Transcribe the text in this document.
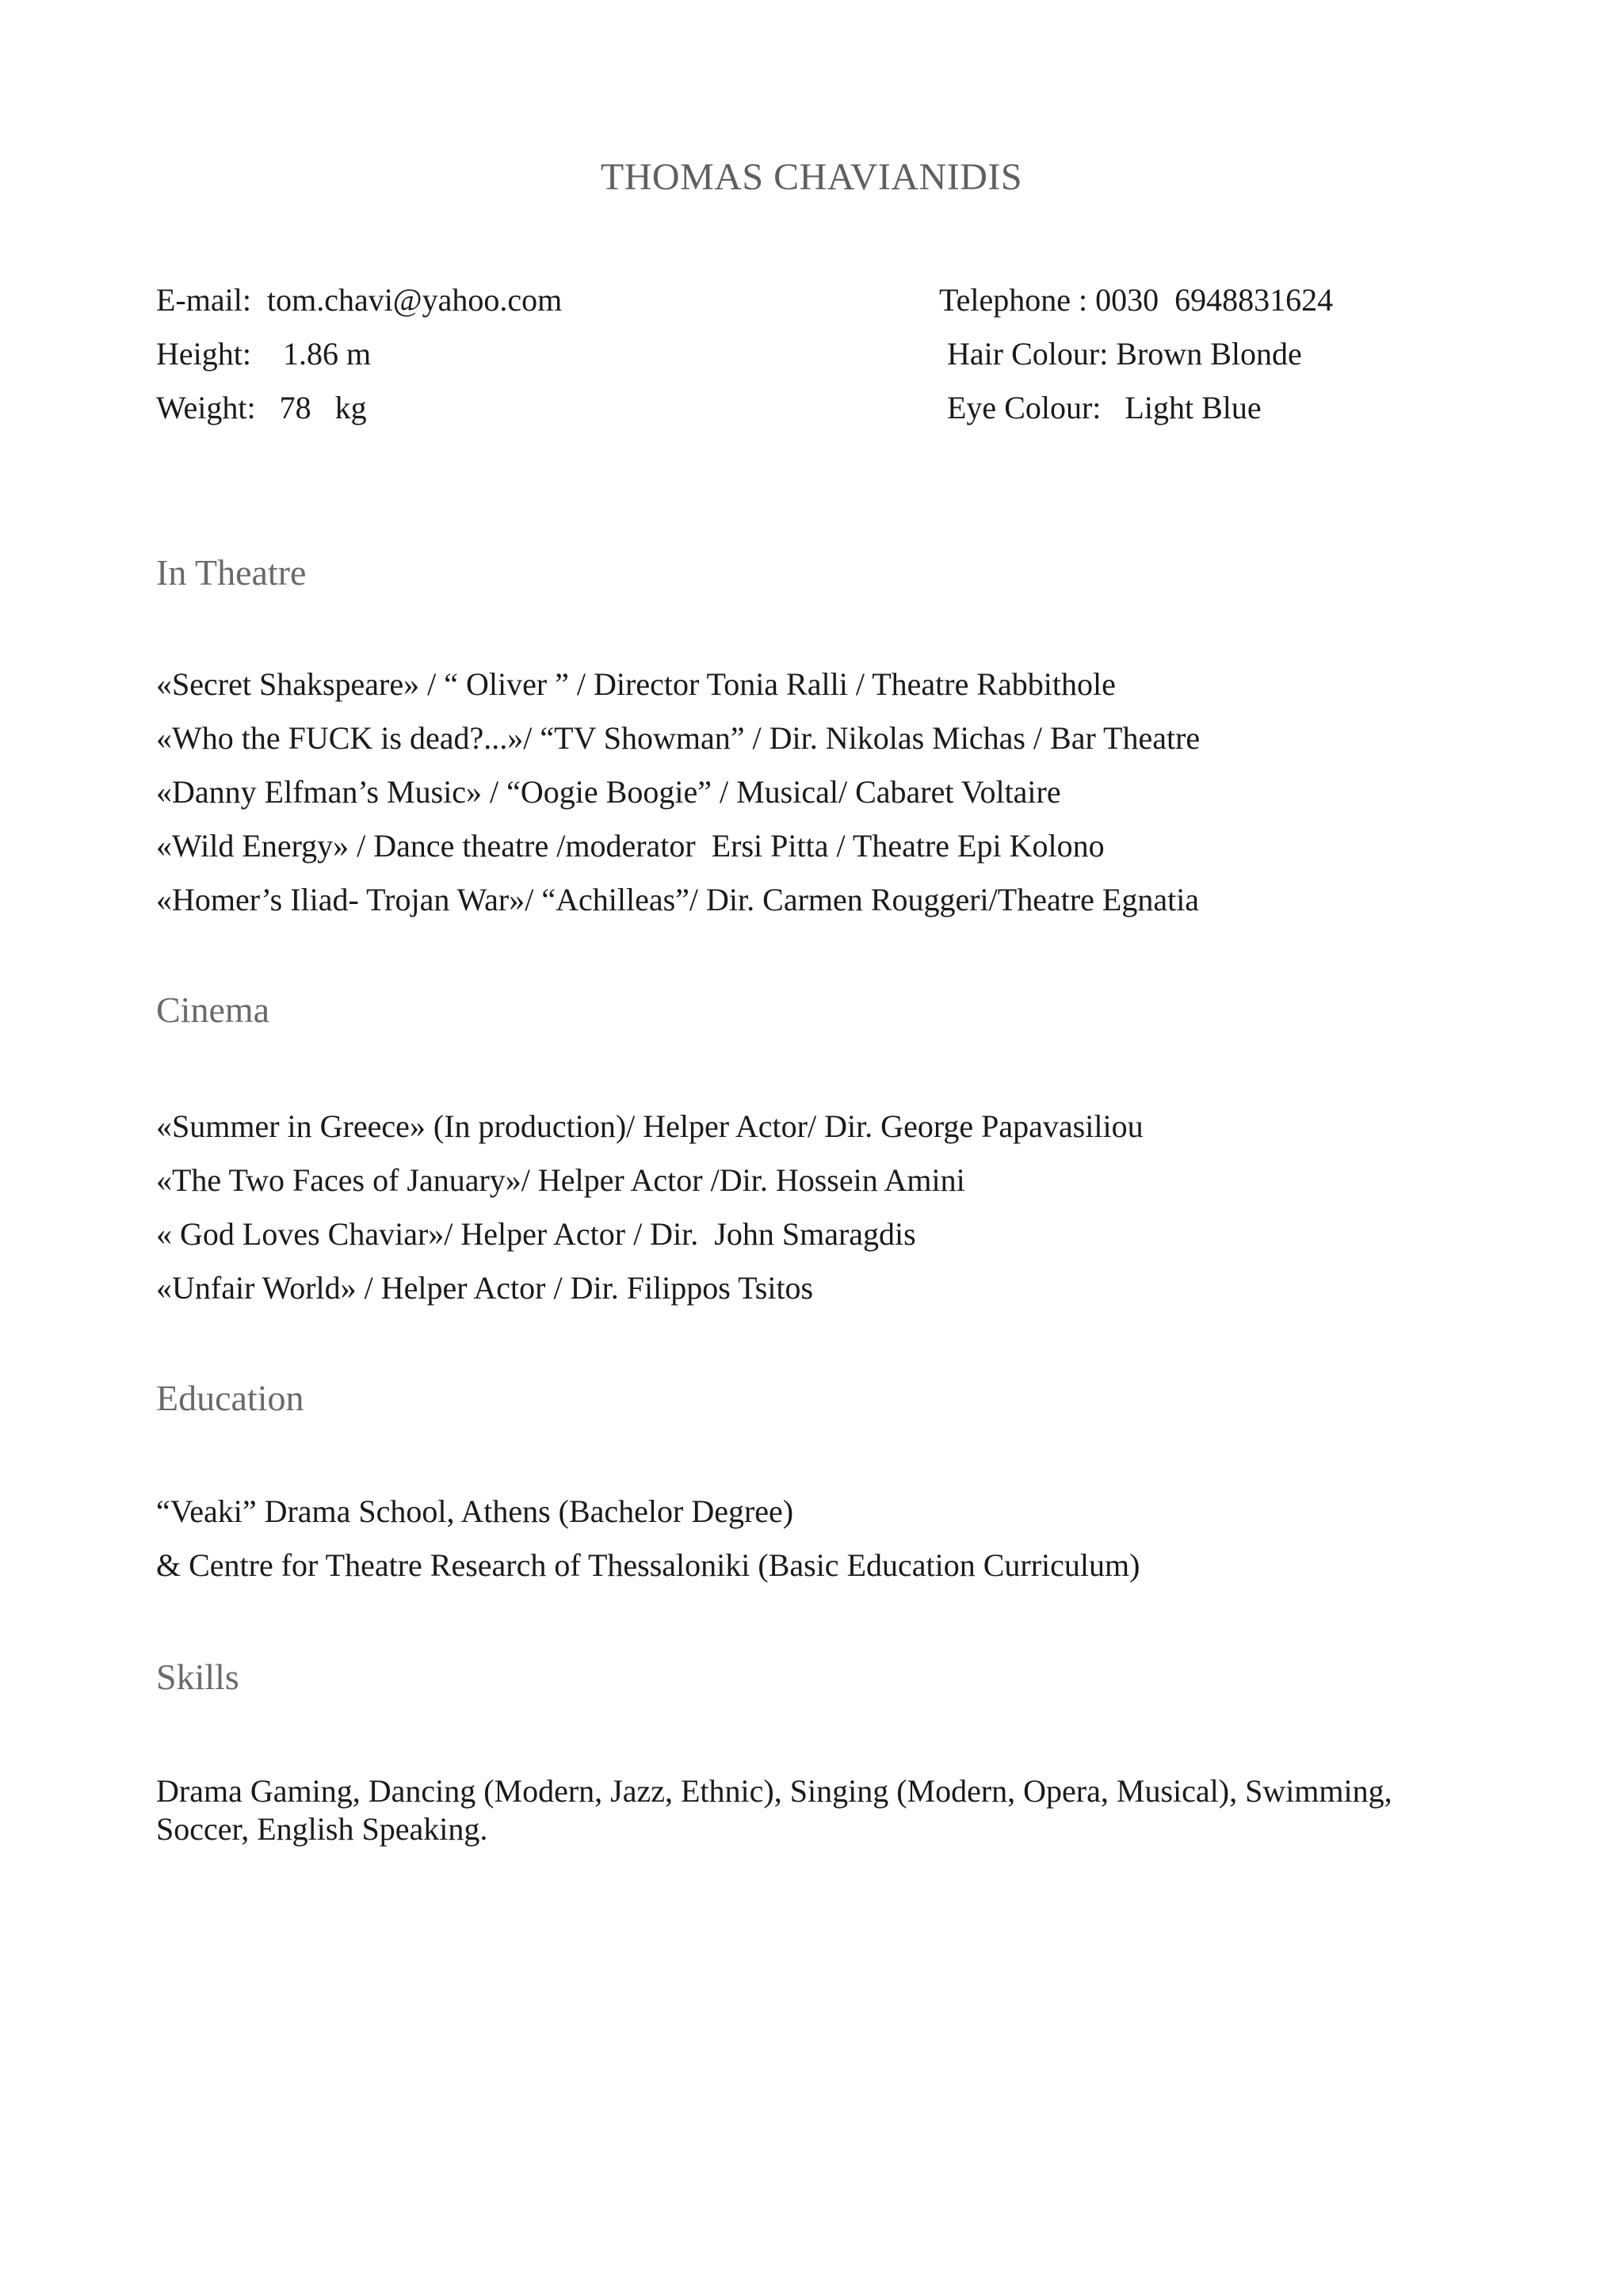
THOMAS CHAVIANIDIS
E-mail:  tom.chavi@yahoo.com
Height:    1.86 m
Weight:   78   kg
Telephone : 0030  6948831624
Hair Colour: Brown Blonde
Eye Colour:   Light Blue
In Theatre
«Secret Shakspeare» / “ Oliver ” / Director Tonia Ralli / Theatre Rabbithole
«Who the FUCK is dead?...»/ “TV Showman” / Dir. Nikolas Michas / Bar Theatre
«Danny Elfman’s Music» / “Oogie Boogie” / Musical/ Cabaret Voltaire
«Wild Energy» / Dance theatre /moderator  Ersi Pitta / Theatre Epi Kolono
«Homer’s Iliad- Trojan War»/ “Achilleas”/ Dir. Carmen Rouggeri/Theatre Egnatia
Cinema
«Summer in Greece» (In production)/ Helper Actor/ Dir. George Papavasiliou
«The Two Faces of January»/ Helper Actor /Dir. Hossein Amini
« God Loves Chaviar»/ Helper Actor / Dir.  John Smaragdis
«Unfair World» / Helper Actor / Dir. Filippos Tsitos
Education
“Veaki” Drama School, Athens (Bachelor Degree)
& Centre for Theatre Research of Thessaloniki (Basic Education Curriculum)
Skills
Drama Gaming, Dancing (Modern, Jazz, Ethnic), Singing (Modern, Opera, Musical), Swimming, Soccer, English Speaking.
